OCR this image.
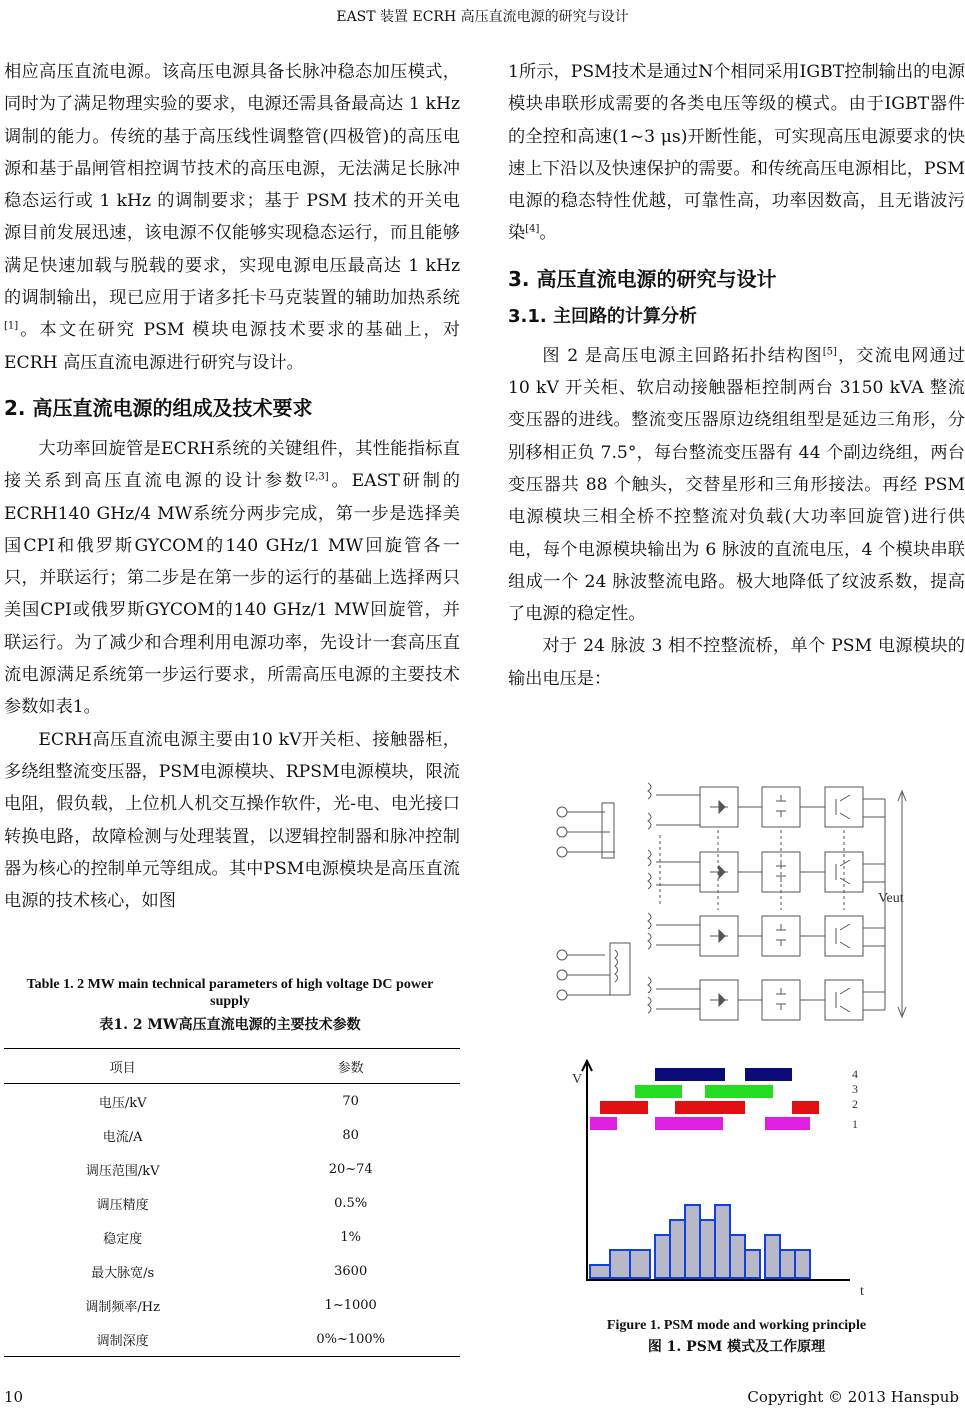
EAST 装置 ECRH 高压直流电源的研究与设计

相应高压直流电源。该高压电源具备长脉冲稳态加压模式，同时为了满足物理实验的要求，电源还需具备最高达 1 kHz 调制的能力。传统的基于高压线性调整管(四极管)的高压电源和基于晶闸管相控调节技术的高压电源，无法满足长脉冲稳态运行或 1 kHz 的调制要求；基于 PSM 技术的开关电源目前发展迅速，该电源不仅能够实现稳态运行，而且能够满足快速加载与脱载的要求，实现电源电压最高达 1 kHz 的调制输出，现已应用于诸多托卡马克装置的辅助加热系统[1]。本文在研究 PSM 模块电源技术要求的基础上，对 ECRH 高压直流电源进行研究与设计。

2. 高压直流电源的组成及技术要求

大功率回旋管是ECRH系统的关键组件，其性能指标直接关系到高压直流电源的设计参数[2,3]。EAST研制的ECRH140 GHz/4 MW系统分两步完成，第一步是选择美国CPI和俄罗斯GYCOM的140 GHz/1 MW回旋管各一只，并联运行；第二步是在第一步的运行的基础上选择两只美国CPI或俄罗斯GYCOM的140 GHz/1 MW回旋管，并联运行。为了减少和合理利用电源功率，先设计一套高压直流电源满足系统第一步运行要求，所需高压电源的主要技术参数如表1。

ECRH高压直流电源主要由10 kV开关柜、接触器柜，多绕组整流变压器，PSM电源模块、RPSM电源模块，限流电阻，假负载，上位机人机交互操作软件，光-电、电光接口转换电路，故障检测与处理装置，以逻辑控制器和脉冲控制器为核心的控制单元等组成。其中PSM电源模块是高压直流电源的技术核心，如图

Table 1. 2 MW main technical parameters of high voltage DC power supply
表1. 2 MW高压直流电源的主要技术参数
项目	参数
电压/kV	70
电流/A	80
调压范围/kV	20~74
调压精度	0.5%
稳定度	1%
最大脉宽/s	3600
调制频率/Hz	1~1000
调制深度	0%~100%

1所示，PSM技术是通过N个相同采用IGBT控制输出的电源模块串联形成需要的各类电压等级的模式。由于IGBT器件的全控和高速(1~3 μs)开断性能，可实现高压电源要求的快速上下沿以及快速保护的需要。和传统高压电源相比，PSM电源的稳态特性优越，可靠性高，功率因数高，且无谐波污染[4]。

3. 高压直流电源的研究与设计
3.1. 主回路的计算分析

图 2 是高压电源主回路拓扑结构图[5]，交流电网通过 10 kV 开关柜、软启动接触器柜控制两台 3150 kVA 整流变压器的进线。整流变压器原边绕组组型是延边三角形，分别移相正负 7.5°，每台整流变压器有 44 个副边绕组，两台变压器共 88 个触头，交替星形和三角形接法。再经 PSM 电源模块三相全桥不控整流对负载(大功率回旋管)进行供电，每个电源模块输出为 6 脉波的直流电压，4 个模块串联组成一个 24 脉波整流电路。极大地降低了纹波系数，提高了电源的稳定性。

对于 24 脉波 3 相不控整流桥，单个 PSM 电源模块的输出电压是：

Veut
V
t
4
3
2
1
Figure 1. PSM mode and working principle
图 1. PSM 模式及工作原理
10	Copyright © 2013 Hanspub
